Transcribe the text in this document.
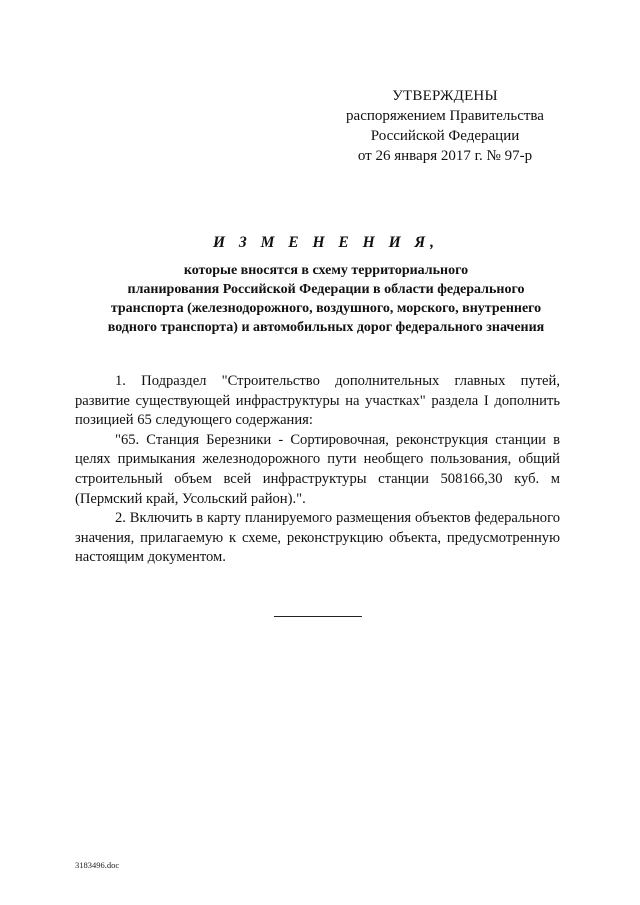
УТВЕРЖДЕНЫ
распоряжением Правительства
Российской Федерации
от 26 января 2017 г. № 97-р
И З М Е Н Е Н И Я,
которые вносятся в схему территориального
планирования Российской Федерации в области федерального
транспорта (железнодорожного, воздушного, морского, внутреннего
водного транспорта) и автомобильных дорог федерального значения

1. Подраздел "Строительство дополнительных главных путей, развитие существующей инфраструктуры на участках" раздела I дополнить позицией 65 следующего содержания:

"65. Станция Березники - Сортировочная, реконструкция станции в целях примыкания железнодорожного пути необщего пользования, общий строительный объем всей инфраструктуры станции 508166,30 куб. м (Пермский край, Усольский район).".

2. Включить в карту планируемого размещения объектов федерального значения, прилагаемую к схеме, реконструкцию объекта, предусмотренную настоящим документом.

3183496.doc
